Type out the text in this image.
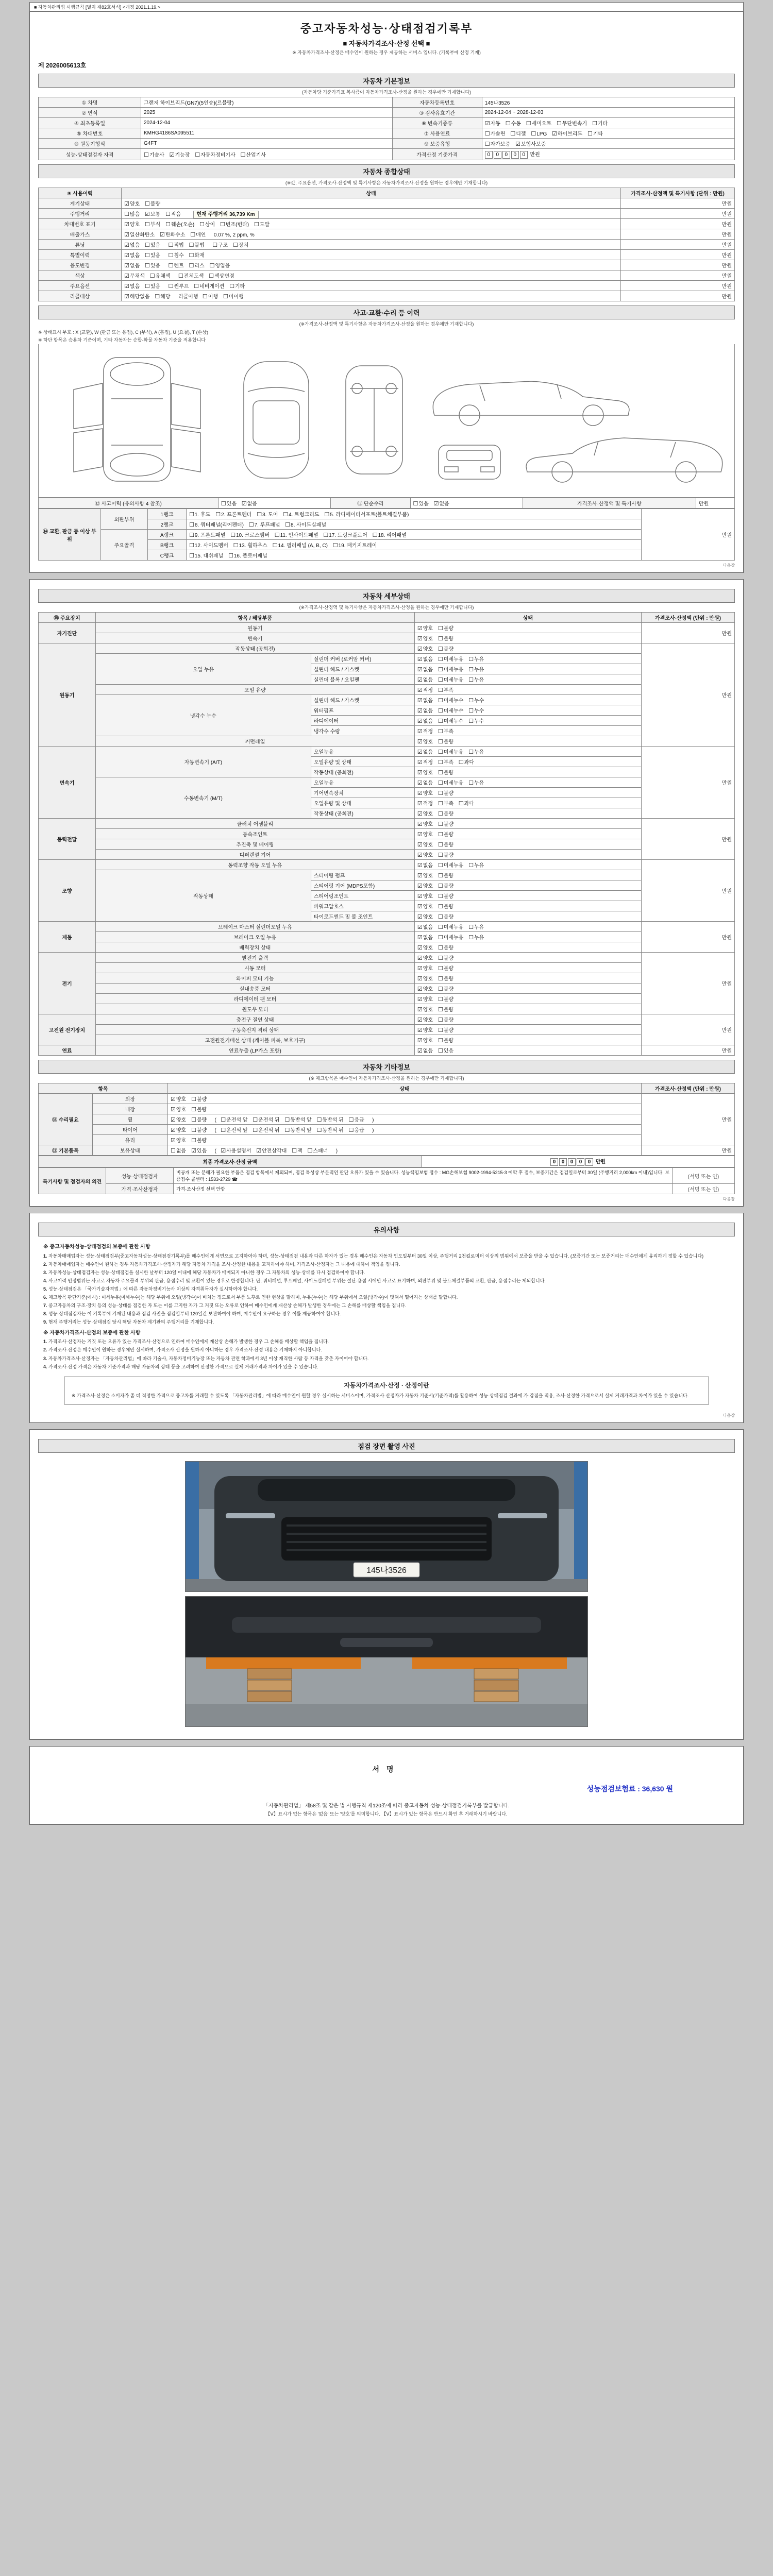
■ 자동차관리법 시행규칙 [별지 제82호서식] <개정 2021.1.19.>
중고자동차성능·상태점검기록부
■ 자동차가격조사·산정 선택 ■
※ 자동차가격조사·산정은 매수인이 원하는 경우 제공하는 서비스 입니다. (기록부에 산정 기재)
제 2026005613호
자동차 기본정보
(자동차당 기준가격표 복사증이 자동차가격조사·산정을 원하는 경우에만 기재합니다)
① 차명	그랜저 하이브리드(GN7)(5인승)(르블랑)	자동차등록번호	145나3526
② 연식	2025	③ 검사유효기간	2024-12-04 ~ 2028-12-03
④ 최초등록일	2024-12-04	⑥ 변속기종류	☑자동 ☐수동 ☐세미오토 ☐무단변속기 ☐기타
⑤ 차대번호	KMHG4186SA095511	⑦ 사용연료	☐가솔린 ☐디젤 ☐LPG ☑하이브리드 ☐기타
⑧ 원동기형식	G4FT	⑨ 보증유형	☐자가보증 ☑보험사보증
성능·상태점검자 자격	☐기술사 ☑기능장 ☐자동차정비기사 ☐산업기사	가격산정 기준가격	0 0 0 0 0 만원
자동차 종합상태
(※값, 주요옵션, 가격조사·산정액 및 특기사항은 자동차가격조사·산정을 원하는 경우에만 기재합니다)
⑨ 사용이력	상태	가격조사·산정액 및 특기사항 (단위 : 만원)
계기상태	☑양호 ☐불량	만원
주행거리	☐많음 ☑보통 ☐적음 현재 주행거리 36,739 Km	만원
차대번호 표기	☑양호 ☐부식 ☐훼손(오손) ☐상이 ☐변조(변타) ☐도말	만원
배출가스	☑일산화탄소 ☑탄화수소 ☐매연 0.07 %, 2 ppm, %	만원
튜닝	☑없음 ☐있음 ☐적법 ☐불법 ☐구조 ☐장치	만원
특별이력	☑없음 ☐있음 ☐침수 ☐화재	만원
용도변경	☑없음 ☐있음 ☐렌트 ☐리스 ☐영업용	만원
색상	☑무채색 ☐유채색 ☐전체도색 ☐색상변경	만원
주요옵션	☑없음 ☐있음 ☐썬루프 ☐네비게이션 ☐기타	만원
리콜대상	☑해당없음 ☐해당 리콜이행 ☐이행 ☐미이행	만원
사고·교환·수리 등 이력
(※가격조사·산정액 및 특기사항은 자동차가격조사·산정을 원하는 경우에만 기재합니다)
※ 상태표시 부호 : X (교환), W (판금 또는 용접), C (부식), A (흠집), U (요철), T (손상)
※ 하단 항목은 승용차 기준이며, 기타 자동차는 승합·화물 자동차 기준을 적용합니다
⑫ 사고이력 (유의사항 4 참조)	☐있음 ☑없음	⑬ 단순수리	☐있음 ☑없음	가격조사·산정액 및 특기사항	만원
⑭ 교환, 판금 등 이상 부위	외판부위	1랭크	☐1. 후드 ☐2. 프론트펜더 ☐3. 도어 ☐4. 트렁크리드 ☐5. 라디에이터서포트(볼트체결부품)	만원
		2랭크	☐6. 쿼터패널(리어펜더) ☐7. 루프패널 ☐8. 사이드실패널	
	주요골격	A랭크	☐9. 프론트패널 ☐10. 크로스멤버 ☐11. 인사이드패널 ☐17. 트렁크플로어 ☐18. 리어패널	
		B랭크	☐12. 사이드멤버 ☐13. 휠하우스 ☐14. 필러패널 (A, B, C) ☐19. 패키지트레이	
		C랭크	☐15. 대쉬패널 ☐16. 플로어패널	
다음장
자동차 세부상태
(※가격조사·산정액 및 특기사항은 자동차가격조사·산정을 원하는 경우에만 기재합니다)
⑮ 주요장치	항목 / 해당부품		상태	가격조사·산정액 (단위 : 만원)
자기진단	원동기		☑양호 ☐불량	만원
	변속기		☑양호 ☐불량	
원동기	작동상태 (공회전)		☑양호 ☐불량	만원
	오일 누유	실린더 커버 (로커암 커버)	☑없음 ☐미세누유 ☐누유	
		실린더 헤드 / 가스켓	☑없음 ☐미세누유 ☐누유	
		실린더 블록 / 오일팬	☑없음 ☐미세누유 ☐누유	
	오일 유량		☑적정 ☐부족	
	냉각수 누수	실린더 헤드 / 가스켓	☑없음 ☐미세누수 ☐누수	
		워터펌프	☑없음 ☐미세누수 ☐누수	
		라디에이터	☑없음 ☐미세누수 ☐누수	
		냉각수 수량	☑적정 ☐부족	
	커먼레일		☑양호 ☐불량	
변속기	자동변속기 (A/T)	오일누유	☑없음 ☐미세누유 ☐누유	만원
		오일유량 및 상태	☑적정 ☐부족 ☐과다	
		작동상태 (공회전)	☑양호 ☐불량	
	수동변속기 (M/T)	오일누유	☑없음 ☐미세누유 ☐누유	
		기어변속장치	☑양호 ☐불량	
		오일유량 및 상태	☑적정 ☐부족 ☐과다	
		작동상태 (공회전)	☑양호 ☐불량	
동력전달	클러치 어셈블리		☑양호 ☐불량	만원
	등속조인트		☑양호 ☐불량	
	추진축 및 베어링		☑양호 ☐불량	
	디퍼렌셜 기어		☑양호 ☐불량	
조향	동력조향 작동 오일 누유		☑없음 ☐미세누유 ☐누유	만원
	작동상태	스티어링 펌프	☑양호 ☐불량	
		스티어링 기어 (MDPS포함)	☑양호 ☐불량	
		스티어링조인트	☑양호 ☐불량	
		파워고압호스	☑양호 ☐불량	
		타이로드엔드 및 볼 조인트	☑양호 ☐불량	
제동	브레이크 마스터 실린더오일 누유		☑없음 ☐미세누유 ☐누유	만원
	브레이크 오일 누유		☑없음 ☐미세누유 ☐누유	
	배력장치 상태		☑양호 ☐불량	
전기	발전기 출력		☑양호 ☐불량	만원
	시동 모터		☑양호 ☐불량	
	와이퍼 모터 기능		☑양호 ☐불량	
	실내송풍 모터		☑양호 ☐불량	
	라디에이터 팬 모터		☑양호 ☐불량	
	윈도우 모터		☑양호 ☐불량	
고전원 전기장치	충전구 절연 상태		☑양호 ☐불량	만원
	구동축전지 격리 상태		☑양호 ☐불량	
	고전원전기배선 상태 (케이블 피복, 보호기구)		☑양호 ☐불량	
연료	연료누출 (LP가스 포함)		☑없음 ☐있음	만원
자동차 기타정보
(※ 체크항목은 매수인이 자동차가격조사·산정을 원하는 경우에만 기재합니다)
항목		상태	가격조사·산정액 (단위 : 만원)
⑯ 수리필요	외장	☑양호 ☐불량	만원
	내장	☑양호 ☐불량	
	휠	☑양호 ☐불량 ( ☐운전석 앞 ☐운전석 뒤 ☐동반석 앞 ☐동반석 뒤 ☐응급 )	
	타이어	☑양호 ☐불량 ( ☐운전석 앞 ☐운전석 뒤 ☐동반석 앞 ☐동반석 뒤 ☐응급 )	
	유리	☑양호 ☐불량	
⑰ 기본품목	보유상태	☐없음 ☑있음 ( ☑사용설명서 ☑안전삼각대 ☐잭 ☐스패너 )	만원
최종 가격조사·산정 금액	0 0 0 0 0 만원
특기사항 및 점검자의 의견	성능·상태점검자	비공개 또는 분해가 필요한 부품은 점검 항목에서 제외되며, 점검 특성상 부분적인 판단 오류가 있을 수 있습니다. 성능책임보험 접수 : MG손해보험 9002-1994-5215-3 예약 후 접수, 보증기간은 점검일로부터 30일 (주행거리 2,000km 이내)입니다. 보증접수 콜센터 : 1533-2729 ☎	(서명 또는 인)
	가격·조사산정자	가격·조사산정 선택 안함	(서명 또는 인)
다음장
유의사항
※ 중고자동차성능·상태점검의 보증에 관한 사항
1. 자동차매매업자는 성능·상태점검부(중고자동차성능·상태점검기록부)를 매수인에게 서면으로 고지하여야 하며, 성능·상태점검 내용과 다른 하자가 있는 경우 매수인은 자동차 인도일부터 30일 이상, 주행거리 2천킬로미터 이상의 범위에서 보증을 받을 수 있습니다. (보증기간 또는 보증거리는 매수인에게 유리하게 정할 수 있습니다)
2. 자동차매매업자는 매수인이 원하는 경우 자동차가격조사·산정자가 해당 자동차 가격을 조사·산정한 내용을 고지하여야 하며, 가격조사·산정자는 그 내용에 대하여 책임을 집니다.
3. 자동차성능·상태점검자는 성능·상태점검을 실시한 날부터 120일 이내에 해당 자동차가 매매되지 아니한 경우 그 자동차의 성능·상태를 다시 점검하여야 합니다.
4. 사고이력 인정범위는 사고로 자동차 주요골격 부위의 판금, 용접수리 및 교환이 있는 경우로 한정합니다. 단, 쿼터패널, 루프패널, 사이드실패널 부위는 절단·용접 시에만 사고로 표기하며, 외판부위 및 볼트체결부품의 교환, 판금, 용접수리는 제외합니다.
5. 성능·상태점검은 「국가기술자격법」에 따른 자동차정비기능사 이상의 자격취득자가 실시하여야 합니다.
6. 체크항목 판단기준(예시) : 미세누유(미세누수)는 해당 부위에 오일(냉각수)이 비치는 정도로서 부품 노후로 인한 현상을 말하며, 누유(누수)는 해당 부위에서 오일(냉각수)이 맺혀서 떨어지는 상태를 말합니다.
7. 중고자동차의 구조·장치 등의 성능·상태를 점검한 자 또는 이를 고지한 자가 그 거짓 또는 오류로 인하여 매수인에게 재산상 손해가 발생한 경우에는 그 손해를 배상할 책임을 집니다.
8. 성능·상태점검자는 이 기록부에 기재된 내용과 점검 사진을 점검일부터 120일간 보관하여야 하며, 매수인이 요구하는 경우 이를 제공하여야 합니다.
9. 현재 주행거리는 성능·상태점검 당시 해당 자동차 계기판의 주행거리를 기재합니다.
※ 자동차가격조사·산정의 보증에 관한 사항
1. 가격조사·산정자는 거짓 또는 오류가 있는 가격조사·산정으로 인하여 매수인에게 재산상 손해가 발생한 경우 그 손해를 배상할 책임을 집니다.
2. 가격조사·산정은 매수인이 원하는 경우에만 실시하며, 가격조사·산정을 원하지 아니하는 경우 가격조사·산정 내용은 기재하지 아니합니다.
3. 자동차가격조사·산정자는 「자동차관리법」에 따라 기술사, 자동차정비기능장 또는 자동차 관련 학과에서 3년 이상 재직한 사람 등 자격을 갖춘 자이어야 합니다.
4. 가격조사·산정 가격은 자동차 기준가격과 해당 자동차의 상태 등을 고려하여 산정한 가격으로 실제 거래가격과 차이가 있을 수 있습니다.
자동차가격조사·산정 · 산정이란
※ 가격조사·산정은 소비자가 좀 더 적정한 가격으로 중고차를 거래할 수 있도록 「자동차관리법」에 따라 매수인이 원할 경우 실시하는 서비스이며, 가격조사·산정자가 자동차 기준서(기준가격)를 활용하여 성능·상태점검 결과에 가·감점을 적용, 조사·산정한 가격으로서 실제 거래가격과 차이가 있을 수 있습니다.
다음장
점검 장면 촬영 사진
145나3526
서명
성능점검보험료 : 36,630 원
「자동차관리법」 제58조 및 같은 법 시행규칙 제120조에 따라 중고자동차 성능·상태점검기록부를 발급합니다.
【Ⅴ】표시가 없는 항목은 '없음' 또는 '양호'를 의미합니다. 【Ⅴ】표시가 있는 항목은 반드시 확인 후 거래하시기 바랍니다.
